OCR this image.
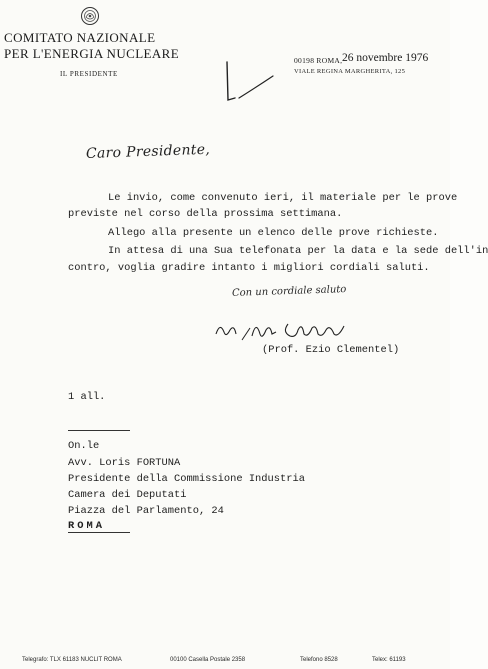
COMITATO NAZIONALE
PER L'ENERGIA NUCLEARE
IL PRESIDENTE
00198 ROMA, 26 novembre 1976
VIALE REGINA MARGHERITA, 125
Caro Presidente,
Le invio, come convenuto ieri, il materiale per le prove
previste nel corso della prossima settimana.
Allego alla presente un elenco delle prove richieste.
In attesa di una Sua telefonata per la data e la sede dell'in
contro, voglia gradire intanto i migliori cordiali saluti.
Con un cordiale saluto
(Prof. Ezio Clementel)
1 all.
On.le
Avv. Loris FORTUNA
Presidente della Commissione Industria
Camera dei Deputati
Piazza del Parlamento, 24
ROMA
Telegrafo: TLX 61183 NUCLIT ROMA	00100 Casella Postale 2358	Telefono 8528	Telex: 61193
